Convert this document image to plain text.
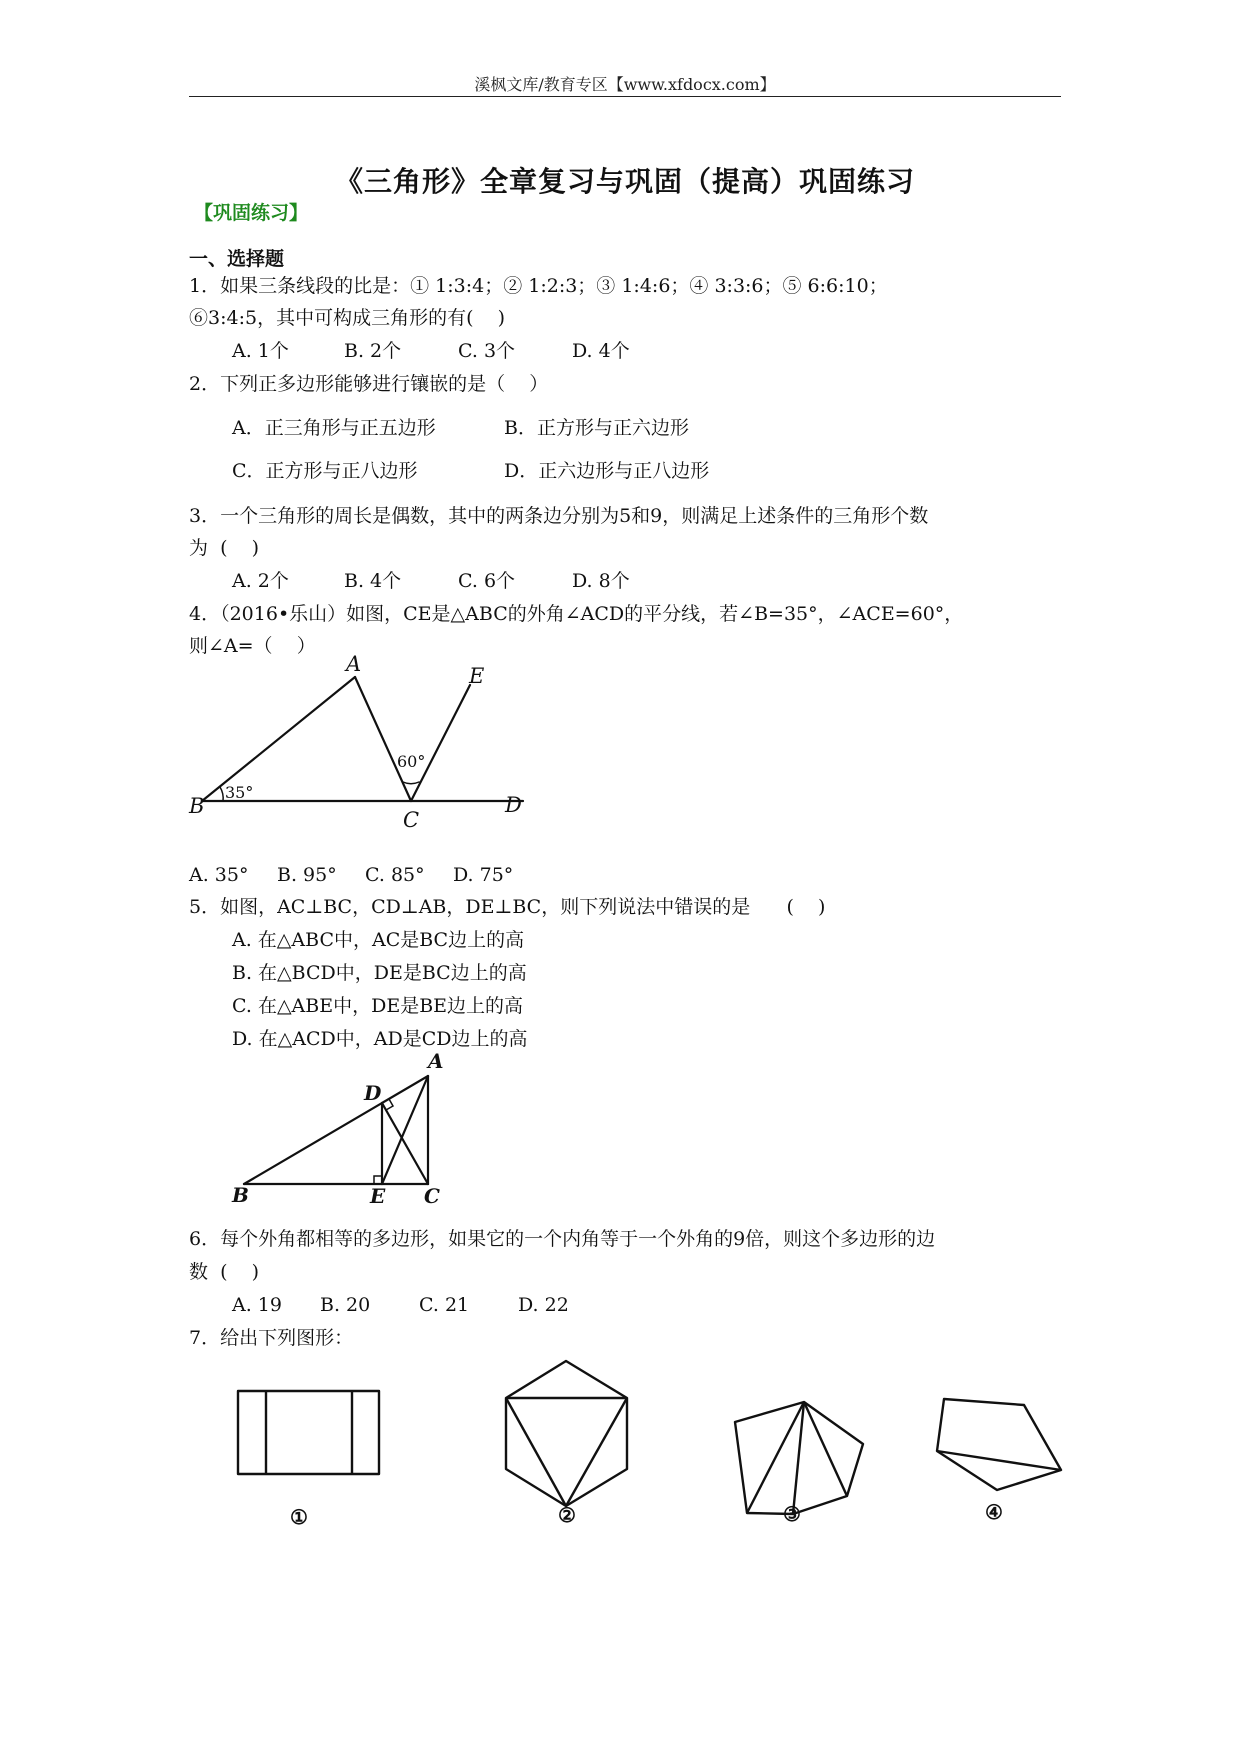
溪枫文库/教育专区【www.xfdocx.com】
《三角形》全章复习与巩固（提高）巩固练习
【巩固练习】
一、选择题
1．如果三条线段的比是：① 1:3:4；② 1:2:3；③ 1:4:6；④ 3:3:6；⑤ 6:6:10；
⑥3:4:5，其中可构成三角形的有(    )
A. 1个	B. 2个	C. 3个	D. 4个
2．下列正多边形能够进行镶嵌的是（    ）
A．正三角形与正五边形	B．正方形与正六边形
C．正方形与正八边形	D．正六边形与正八边形
3．一个三角形的周长是偶数，其中的两条边分别为5和9，则满足上述条件的三角形个数
为  (    )
A. 2个	B. 4个	C. 6个	D. 8个
4．（2016•乐山）如图，CE是△ABC的外角∠ACD的平分线，若∠B=35°，∠ACE=60°，
则∠A=（    ）
B
A
C
D
E
35°
60°
A. 35° B. 95° C. 85° D. 75°
5．如图，AC⊥BC，CD⊥AB，DE⊥BC，则下列说法中错误的是      (    )
A. 在△ABC中，AC是BC边上的高
B. 在△BCD中，DE是BC边上的高
C. 在△ABE中，DE是BE边上的高
D. 在△ACD中，AD是CD边上的高
A
D
B	E C
6．每个外角都相等的多边形，如果它的一个内角等于一个外角的9倍，则这个多边形的边
数  (    )
A. 19 B. 20	C. 21	D. 22
7．给出下列图形：
①	②	③	④
